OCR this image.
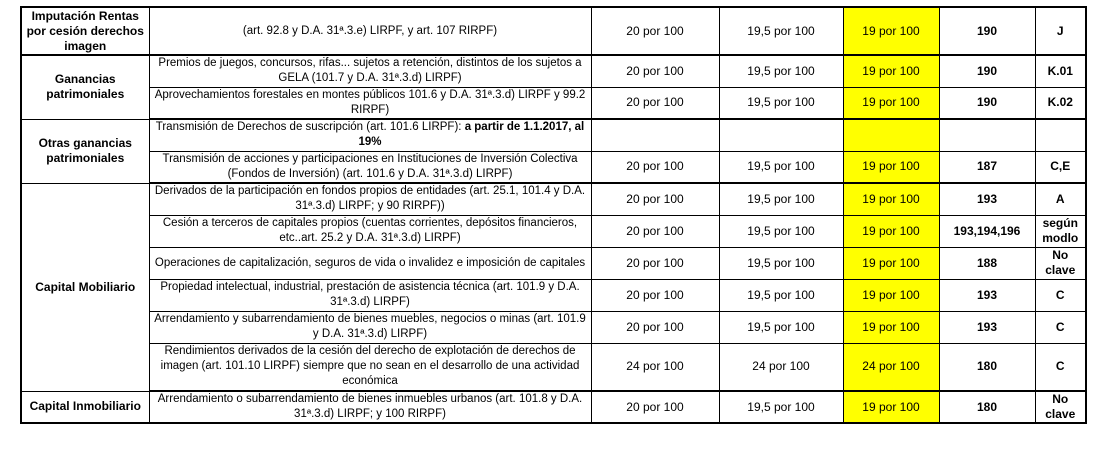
Imputación Rentas por cesión derechos imagen	(art. 92.8 y D.A. 31ª.3.e) LIRPF, y art. 107 RIRPF)	20 por 100	19,5 por 100	19 por 100	190	J
Ganancias patrimoniales	Premios de juegos, concursos, rifas... sujetos a retención, distintos de los sujetos a GELA (101.7 y D.A. 31ª.3.d) LIRPF)	20 por 100	19,5 por 100	19 por 100	190	K.01
	Aprovechamientos forestales en montes públicos 101.6 y D.A. 31ª.3.d) LIRPF y 99.2 RIRPF)	20 por 100	19,5 por 100	19 por 100	190	K.02
Otras ganancias patrimoniales	Transmisión de Derechos de suscripción (art. 101.6 LIRPF): a partir de 1.1.2017, al 19%					
	Transmisión de acciones y participaciones en Instituciones de Inversión Colectiva (Fondos de Inversión) (art. 101.6 y D.A. 31ª.3.d) LIRPF)	20 por 100	19,5 por 100	19 por 100	187	C,E
Capital Mobiliario	Derivados de la participación en fondos propios de entidades (art. 25.1, 101.4 y D.A. 31ª.3.d) LIRPF; y 90 RIRPF))	20 por 100	19,5 por 100	19 por 100	193	A
	Cesión a terceros de capitales propios (cuentas corrientes, depósitos financieros, etc..art. 25.2 y D.A. 31ª.3.d) LIRPF)	20 por 100	19,5 por 100	19 por 100	193,194,196	según modlo
	Operaciones de capitalización, seguros de vida o invalidez e imposición de capitales	20 por 100	19,5 por 100	19 por 100	188	No clave
	Propiedad intelectual, industrial, prestación de asistencia técnica (art. 101.9 y D.A. 31ª.3.d) LIRPF)	20 por 100	19,5 por 100	19 por 100	193	C
	Arrendamiento y subarrendamiento de bienes muebles, negocios o minas (art. 101.9 y D.A. 31ª.3.d) LIRPF)	20 por 100	19,5 por 100	19 por 100	193	C
	Rendimientos derivados de la cesión del derecho de explotación de derechos de imagen (art. 101.10 LIRPF) siempre que no sean en el desarrollo de una actividad económica	24 por 100	24 por 100	24 por 100	180	C
Capital Inmobiliario	Arrendamiento o subarrendamiento de bienes inmuebles urbanos (art. 101.8 y D.A. 31ª.3.d) LIRPF; y 100 RIRPF)	20 por 100	19,5 por 100	19 por 100	180	No clave
